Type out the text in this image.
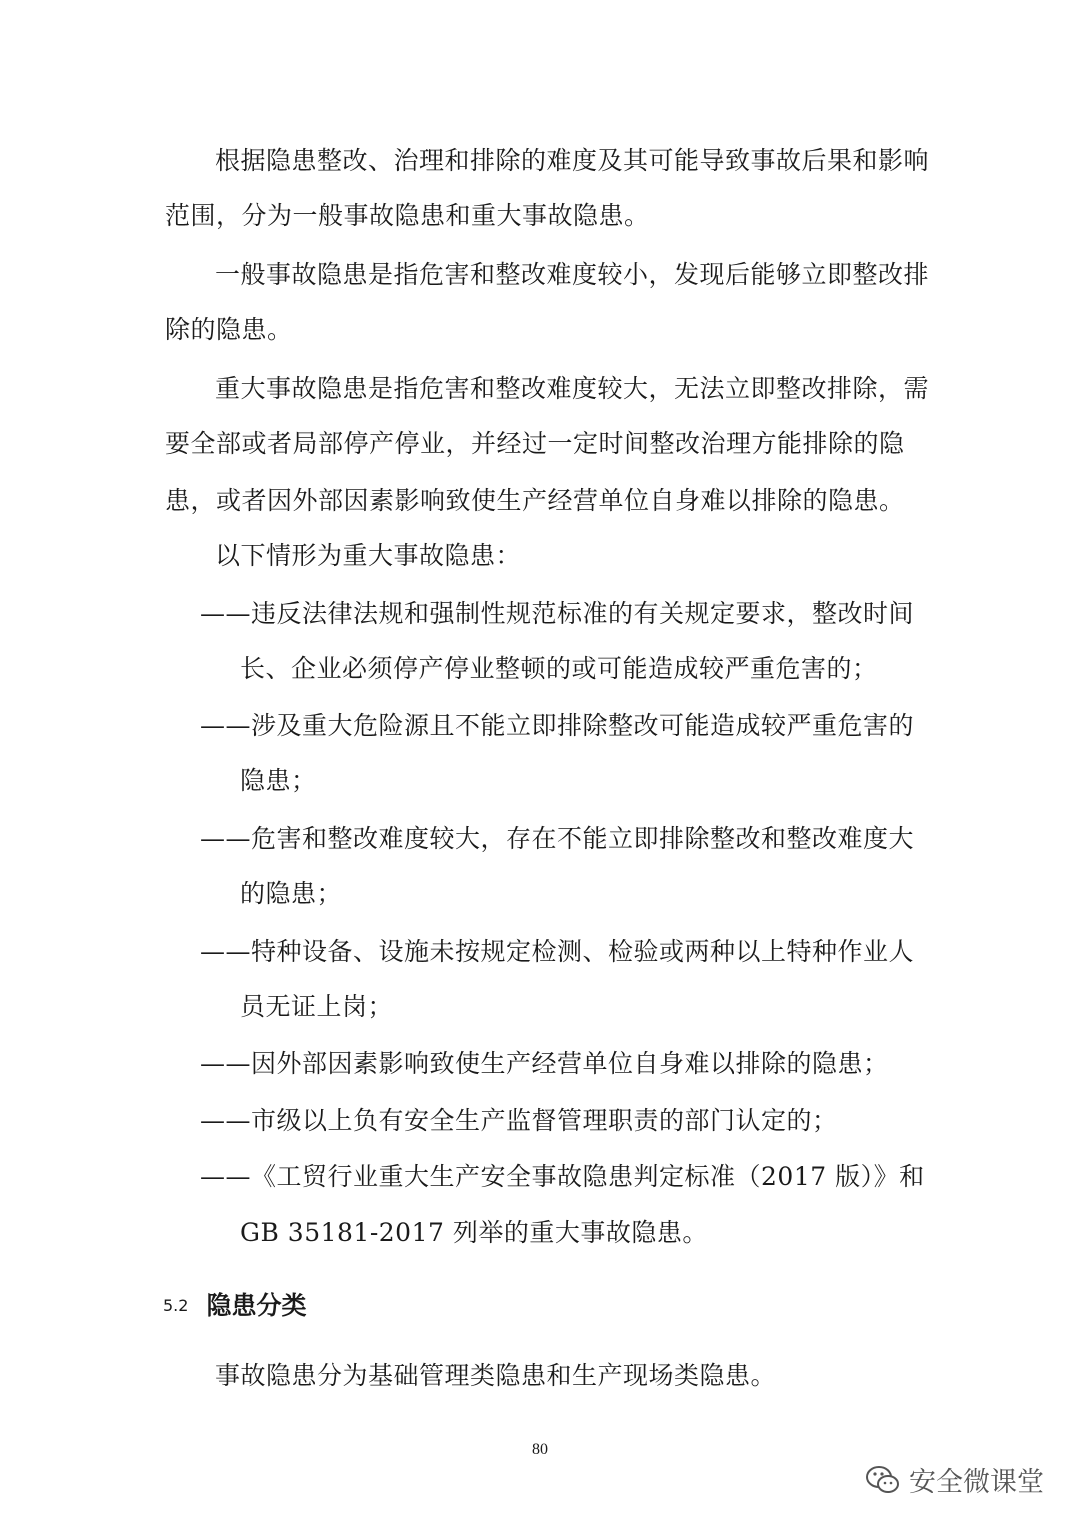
根据隐患整改、治理和排除的难度及其可能导致事故后果和影响
范围，分为一般事故隐患和重大事故隐患。
一般事故隐患是指危害和整改难度较小，发现后能够立即整改排
除的隐患。
重大事故隐患是指危害和整改难度较大，无法立即整改排除，需
要全部或者局部停产停业，并经过一定时间整改治理方能排除的隐
患，或者因外部因素影响致使生产经营单位自身难以排除的隐患。
以下情形为重大事故隐患：
——违反法律法规和强制性规范标准的有关规定要求，整改时间
长、企业必须停产停业整顿的或可能造成较严重危害的；
——涉及重大危险源且不能立即排除整改可能造成较严重危害的
隐患；
——危害和整改难度较大，存在不能立即排除整改和整改难度大
的隐患；
——特种设备、设施未按规定检测、检验或两种以上特种作业人
员无证上岗；
——因外部因素影响致使生产经营单位自身难以排除的隐患；
——市级以上负有安全生产监督管理职责的部门认定的；
——《工贸行业重大生产安全事故隐患判定标准（2017 版）》和
GB 35181-2017 列举的重大事故隐患。
5.2 隐患分类
事故隐患分为基础管理类隐患和生产现场类隐患。
80
安全微课堂
